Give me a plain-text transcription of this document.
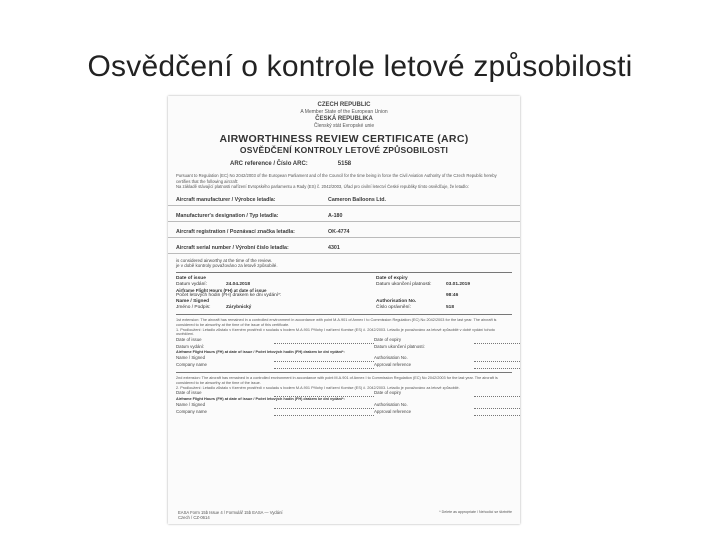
Osvědčení o kontrole letové způsobilosti
CZECH REPUBLIC
A Member State of the European Union
ČESKÁ REPUBLIKA
Členský stát Evropské unie
AIRWORTHINESS REVIEW CERTIFICATE (ARC)
OSVĚDČENÍ KONTROLY LETOVÉ ZPŮSOBILOSTI
ARC reference / Číslo ARC:	5158
Pursuant to Regulation (EC) No 2042/2003 of the European Parliament and of the Council for the time being in force the Civil Aviation Authority of the Czech Republic hereby certifies that the following aircraft:
Na základě stávající platnosti nařízení Evropského parlamentu a Rady (ES) č. 2042/2003, Úřad pro civilní letectví České republiky tímto osvědčuje, že letadlo:
Aircraft manufacturer / Výrobce letadla:	Cameron Balloons Ltd.
Manufacturer's designation / Typ letadla:	A-180
Aircraft registration / Poznávací značka letadla:	OK-4774
Aircraft serial number / Výrobní číslo letadla:	4301
is considered airworthy at the time of the review.
je v době kontroly považováno za letově způsobilé.
Date of issue	Date of expiry
Datum vydání:	24.04.2018	Datum ukončení platnosti:	03.01.2019
Airframe Flight Hours (FH) at date of issue
Počet letových hodin (FH) drakem ke dni vydání*:	98:46
Name / Signed	Authorisation No.
Jméno / Podpis:	Zárybnický	Číslo oprávnění:	518
1st extension: The aircraft has remained in a controlled environment in accordance with point M.A.901 of Annex I to Commission Regulation (EC) No 2042/2003 for the last year. The aircraft is considered to be airworthy at the time of the issue of this certificate.
1. Prodloužení: Letadlo zůstalo v řízeném prostředí v souladu s bodem M.A.901 Přílohy I nařízení Komise (ES) č. 2042/2003. Letadlo je považováno za letově způsobilé v době vydání tohoto osvědčení.
Date of issue	Date of expiry
Datum vydání:	Datum ukončení platnosti:
Airframe Flight Hours (FH) at date of issue / Počet letových hodin (FH) drakem ke dni vydání*:
Name / Signed	Authorisation No.
Company name	Approval reference
2nd extension: The aircraft has remained in a controlled environment in accordance with point M.A.901 of Annex I to Commission Regulation (EC) No 2042/2003 for the last year. The aircraft is considered to be airworthy at the time of the issue.
2. Prodloužení: Letadlo zůstalo v řízeném prostředí v souladu s bodem M.A.901 Přílohy I nařízení Komise (ES) č. 2042/2003. Letadlo je považováno za letově způsobilé.
Date of issue	Date of expiry
Airframe Flight Hours (FH) at date of issue / Počet letových hodin (FH) drakem ke dni vydání*:
Name / Signed	Authorisation No.
Company name	Approval reference
* Delete as appropriate / Nehodící se škrtněte
EASA Form 15b Issue 4 / Formulář 15b EASA — Vydání
Czech / CZ-0614
